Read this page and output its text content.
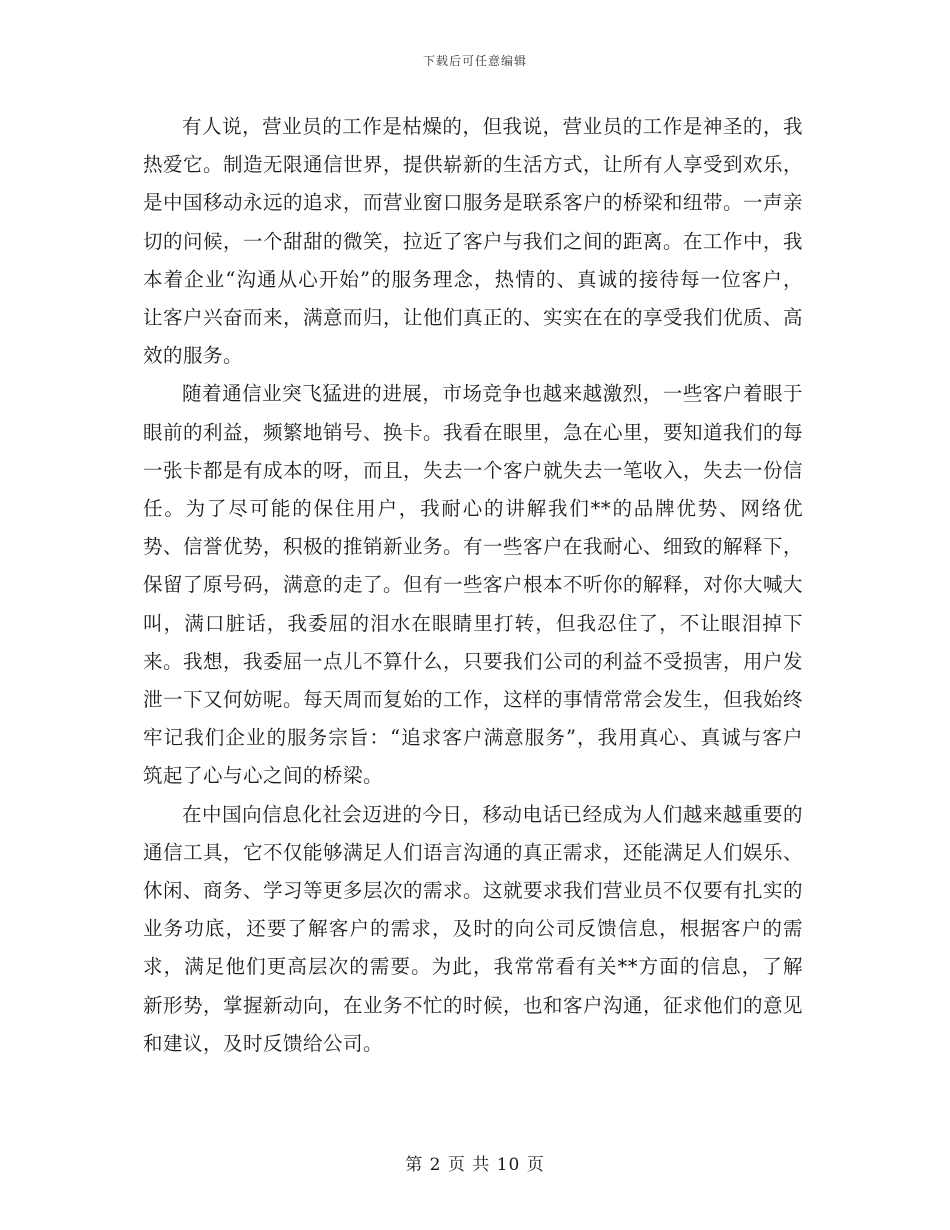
下载后可任意编辑

有人说，营业员的工作是枯燥的，但我说，营业员的工作是神圣的，我热爱它。制造无限通信世界，提供崭新的生活方式，让所有人享受到欢乐，是中国移动永远的追求，而营业窗口服务是联系客户的桥梁和纽带。一声亲切的问候，一个甜甜的微笑，拉近了客户与我们之间的距离。在工作中，我本着企业“沟通从心开始”的服务理念，热情的、真诚的接待每一位客户，让客户兴奋而来，满意而归，让他们真正的、实实在在的享受我们优质、高效的服务。

随着通信业突飞猛进的进展，市场竞争也越来越激烈，一些客户着眼于眼前的利益，频繁地销号、换卡。我看在眼里，急在心里，要知道我们的每一张卡都是有成本的呀，而且，失去一个客户就失去一笔收入，失去一份信任。为了尽可能的保住用户，我耐心的讲解我们**的品牌优势、网络优势、信誉优势，积极的推销新业务。有一些客户在我耐心、细致的解释下，保留了原号码，满意的走了。但有一些客户根本不听你的解释，对你大喊大叫，满口脏话，我委屈的泪水在眼睛里打转，但我忍住了，不让眼泪掉下来。我想，我委屈一点儿不算什么，只要我们公司的利益不受损害，用户发泄一下又何妨呢。每天周而复始的工作，这样的事情常常会发生，但我始终牢记我们企业的服务宗旨：“追求客户满意服务”，我用真心、真诚与客户筑起了心与心之间的桥梁。

在中国向信息化社会迈进的今日，移动电话已经成为人们越来越重要的通信工具，它不仅能够满足人们语言沟通的真正需求，还能满足人们娱乐、休闲、商务、学习等更多层次的需求。这就要求我们营业员不仅要有扎实的业务功底，还要了解客户的需求，及时的向公司反馈信息，根据客户的需求，满足他们更高层次的需要。为此，我常常看有关**方面的信息，了解新形势，掌握新动向，在业务不忙的时候，也和客户沟通，征求他们的意见和建议，及时反馈给公司。

第 2 页 共 10 页
